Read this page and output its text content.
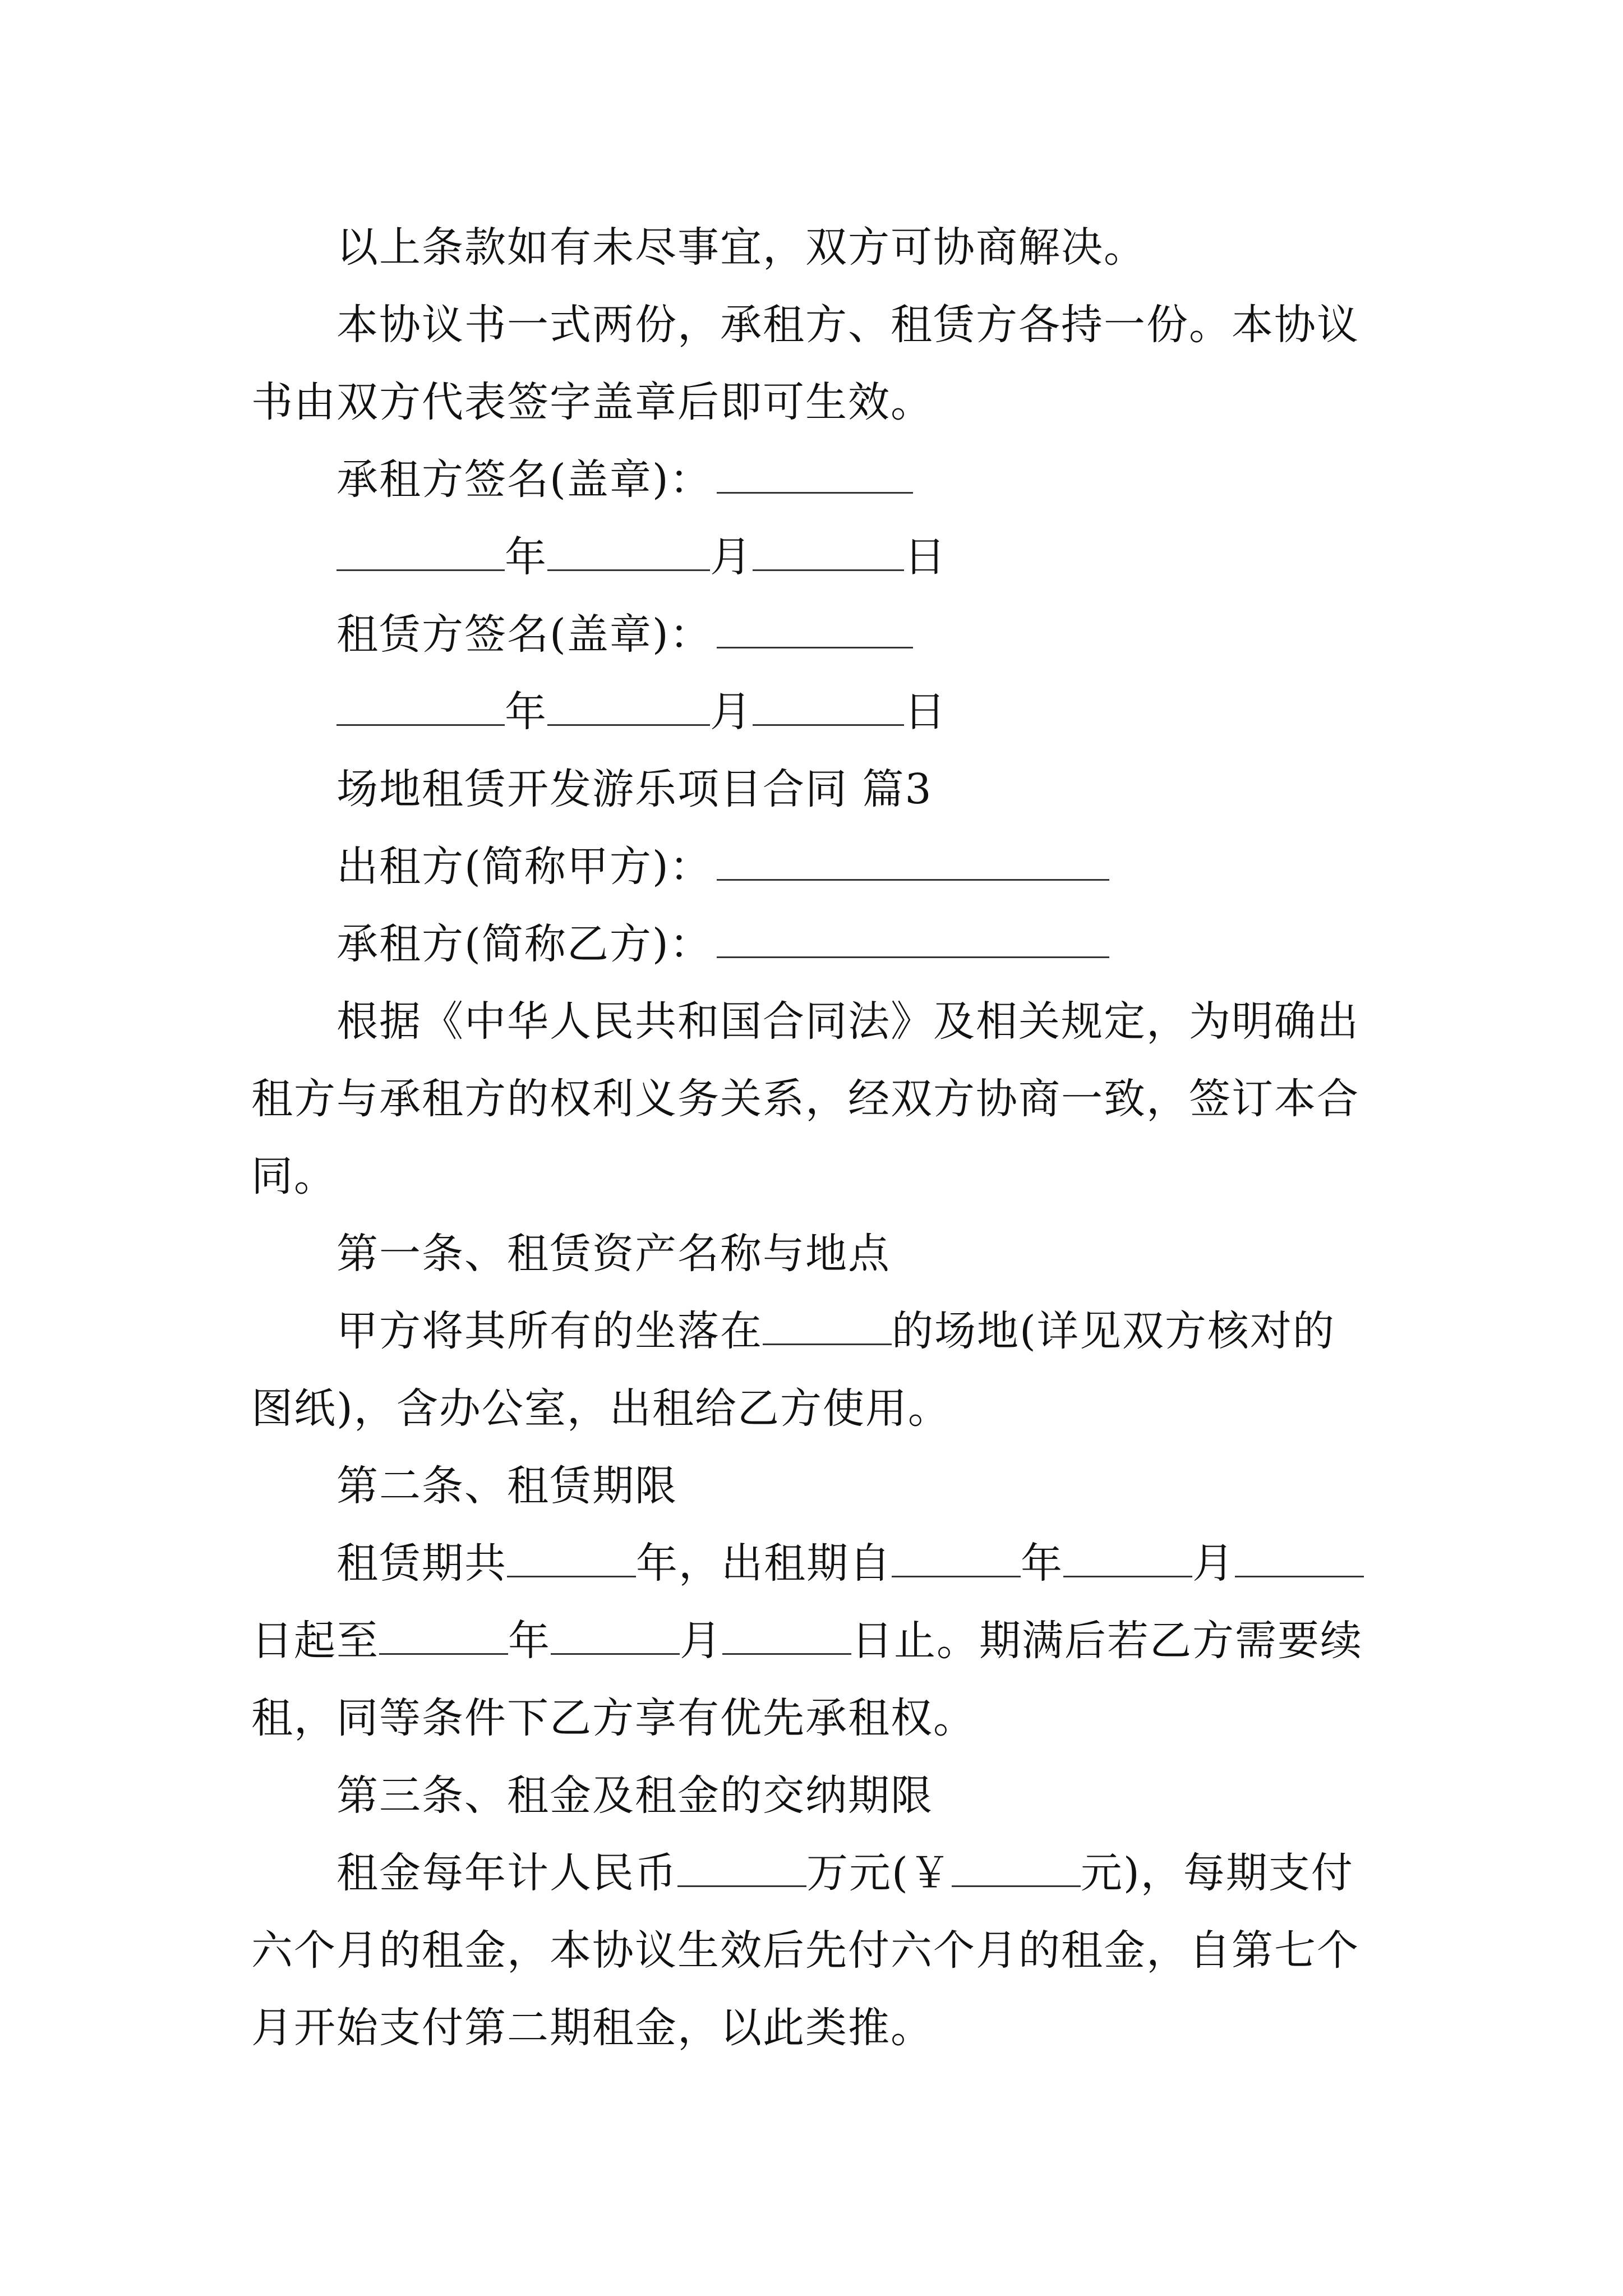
以上条款如有未尽事宜，双方可协商解决。
本协议书一式两份，承租方、租赁方各持一份。本协议
书由双方代表签字盖章后即可生效。
承租方签名(盖章)：
年	月	日
租赁方签名(盖章)：
年	月	日
场地租赁开发游乐项目合同 篇3
出租方(简称甲方)：
承租方(简称乙方)：
根据《中华人民共和国合同法》及相关规定，为明确出
租方与承租方的权利义务关系，经双方协商一致，签订本合
同。
第一条、租赁资产名称与地点
甲方将其所有的坐落在	的场地(详见双方核对的
图纸)，含办公室，出租给乙方使用。
第二条、租赁期限
租赁期共	年，出租期自	年	月
日起至	年	月	日止。期满后若乙方需要续
租，同等条件下乙方享有优先承租权。
第三条、租金及租金的交纳期限
租金每年计人民币	万元(￥	元)，每期支付
六个月的租金，本协议生效后先付六个月的租金，自第七个
月开始支付第二期租金，以此类推。
